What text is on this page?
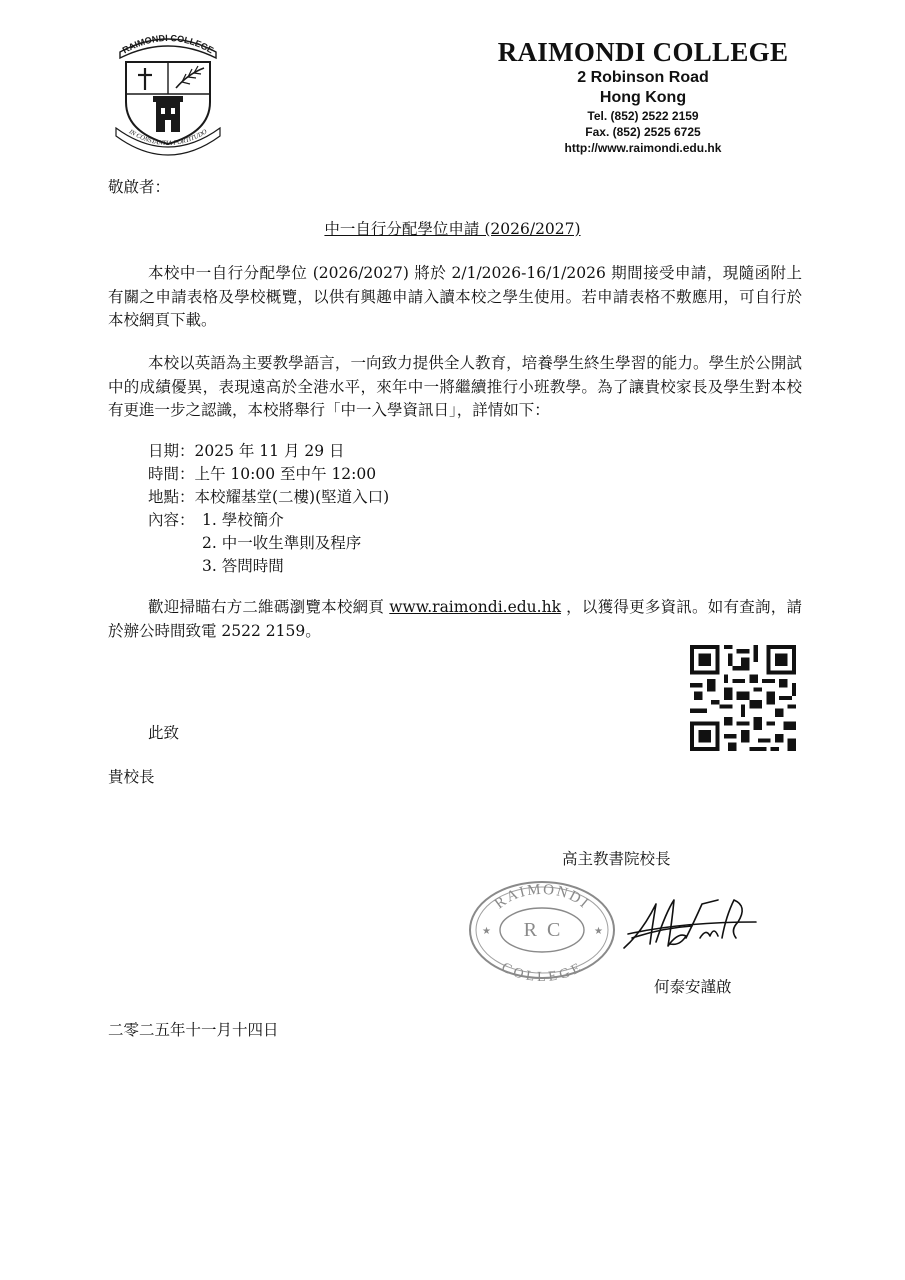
RAIMONDI COLLEGE
IN CONSTANTIA FORTITUDO
RAIMONDI COLLEGE
2 Robinson Road
Hong Kong
Tel. (852) 2522 2159
Fax. (852) 2525 6725
http://www.raimondi.edu.hk
敬啟者：
中一自行分配學位申請 (2026/2027)

本校中一自行分配學位 (2026/2027) 將於 2/1/2026-16/1/2026 期間接受申請，現隨函附上有關之申請表格及學校概覽，以供有興趣申請入讀本校之學生使用。若申請表格不敷應用，可自行於本校網頁下載。

本校以英語為主要教學語言，一向致力提供全人教育，培養學生終生學習的能力。學生於公開試中的成績優異，表現遠高於全港水平，來年中一將繼續推行小班教學。為了讓貴校家長及學生對本校有更進一步之認識，本校將舉行「中一入學資訊日」，詳情如下：

日期：2025 年 11 月 29 日
時間：上午 10:00 至中午 12:00
地點：本校耀基堂(二樓)(堅道入口)
內容： 1. 學校簡介
2. 中一收生準則及程序
3. 答問時間

歡迎掃瞄右方二維碼瀏覽本校網頁 www.raimondi.edu.hk ，以獲得更多資訊。如有查詢，請於辦公時間致電 2522 2159。

此致
貴校長
高主教書院校長
RAIMONDI
COLLEGE
R  C
★	★
何泰安謹啟
二零二五年十一月十四日
